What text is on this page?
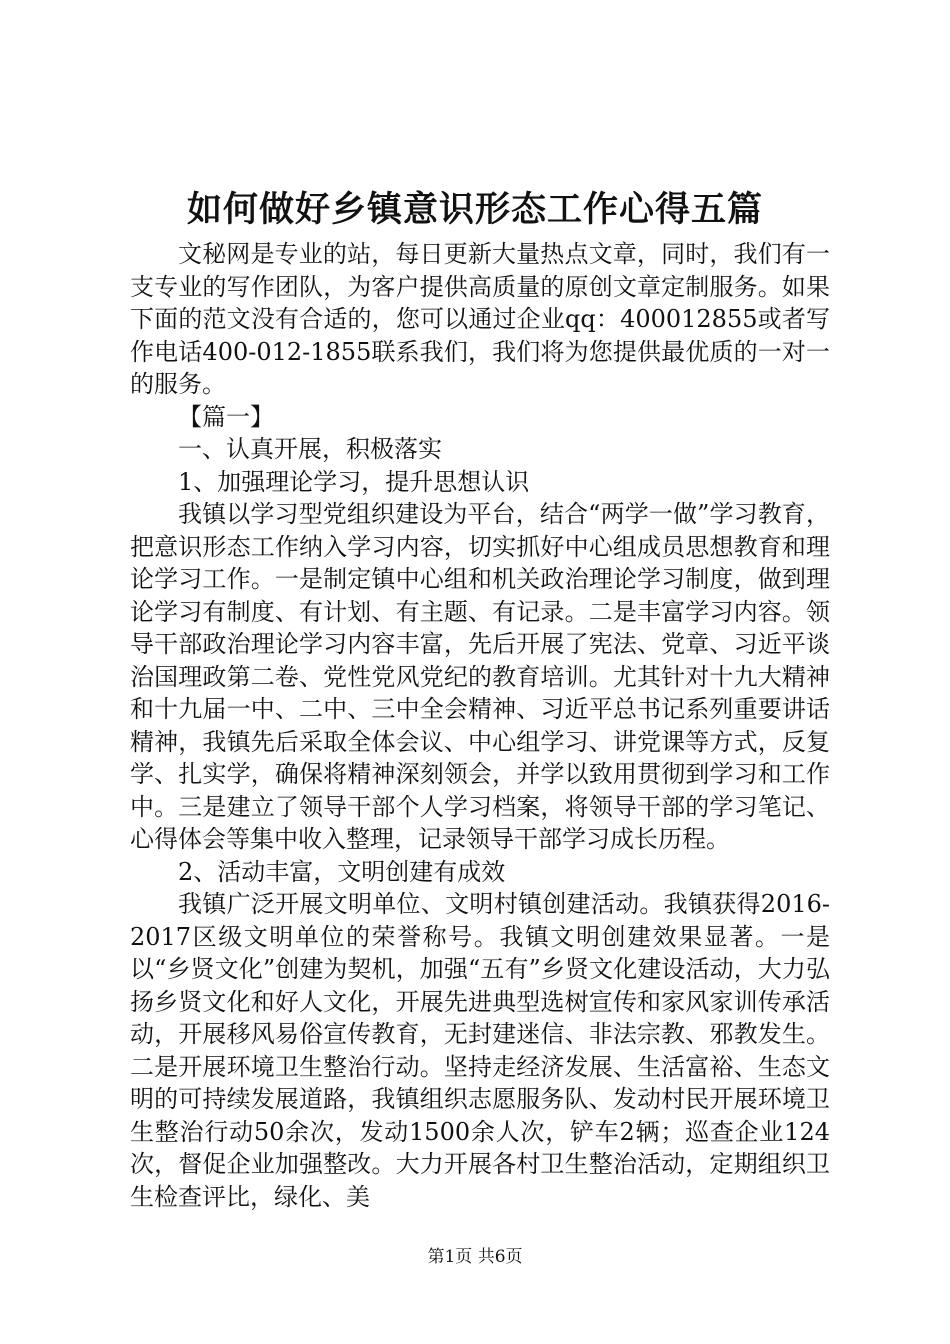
如何做好乡镇意识形态工作心得五篇

文秘网是专业的站，每日更新大量热点文章，同时，我们有一支专业的写作团队，为客户提供高质量的原创文章定制服务。如果下面的范文没有合适的，您可以通过企业qq：400012855或者写作电话400-012-1855联系我们，我们将为您提供最优质的一对一的服务。

【篇一】

一、认真开展，积极落实

1、加强理论学习，提升思想认识

我镇以学习型党组织建设为平台，结合“两学一做”学习教育，把意识形态工作纳入学习内容，切实抓好中心组成员思想教育和理论学习工作。一是制定镇中心组和机关政治理论学习制度，做到理论学习有制度、有计划、有主题、有记录。二是丰富学习内容。领导干部政治理论学习内容丰富，先后开展了宪法、党章、习近平谈治国理政第二卷、党性党风党纪的教育培训。尤其针对十九大精神和十九届一中、二中、三中全会精神、习近平总书记系列重要讲话精神，我镇先后采取全体会议、中心组学习、讲党课等方式，反复学、扎实学，确保将精神深刻领会，并学以致用贯彻到学习和工作中。三是建立了领导干部个人学习档案，将领导干部的学习笔记、心得体会等集中收入整理，记录领导干部学习成长历程。

2、活动丰富，文明创建有成效

我镇广泛开展文明单位、文明村镇创建活动。我镇获得2016-2017区级文明单位的荣誉称号。我镇文明创建效果显著。一是以“乡贤文化”创建为契机，加强“五有”乡贤文化建设活动，大力弘扬乡贤文化和好人文化，开展先进典型选树宣传和家风家训传承活动，开展移风易俗宣传教育，无封建迷信、非法宗教、邪教发生。二是开展环境卫生整治行动。坚持走经济发展、生活富裕、生态文明的可持续发展道路，我镇组织志愿服务队、发动村民开展环境卫生整治行动50余次，发动1500余人次，铲车2辆；巡查企业124次，督促企业加强整改。大力开展各村卫生整治活动，定期组织卫生检查评比，绿化、美

第1页 共6页
